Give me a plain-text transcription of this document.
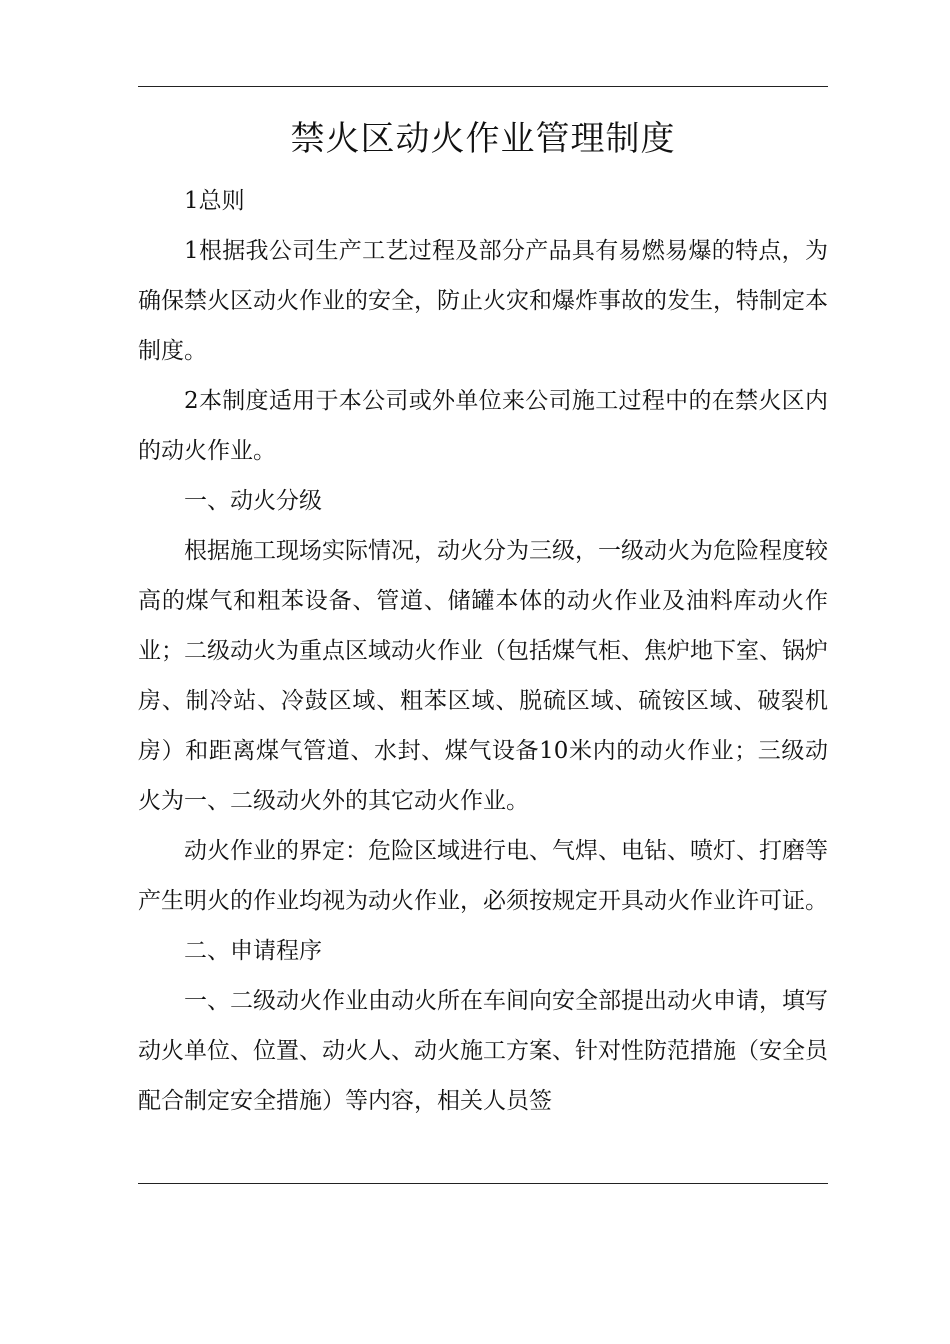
禁火区动火作业管理制度

1总则

1根据我公司生产工艺过程及部分产品具有易燃易爆的特点，为确保禁火区动火作业的安全，防止火灾和爆炸事故的发生，特制定本制度。

2本制度适用于本公司或外单位来公司施工过程中的在禁火区内的动火作业。

一、动火分级

根据施工现场实际情况，动火分为三级，一级动火为危险程度较高的煤气和粗苯设备、管道、储罐本体的动火作业及油料库动火作业；二级动火为重点区域动火作业（包括煤气柜、焦炉地下室、锅炉房、制冷站、冷鼓区域、粗苯区域、脱硫区域、硫铵区域、破裂机房）和距离煤气管道、水封、煤气设备10米内的动火作业；三级动火为一、二级动火外的其它动火作业。

动火作业的界定：危险区域进行电、气焊、电钻、喷灯、打磨等产生明火的作业均视为动火作业，必须按规定开具动火作业许可证。

二、申请程序

一、二级动火作业由动火所在车间向安全部提出动火申请，填写动火单位、位置、动火人、动火施工方案、针对性防范措施（安全员配合制定安全措施）等内容，相关人员签
